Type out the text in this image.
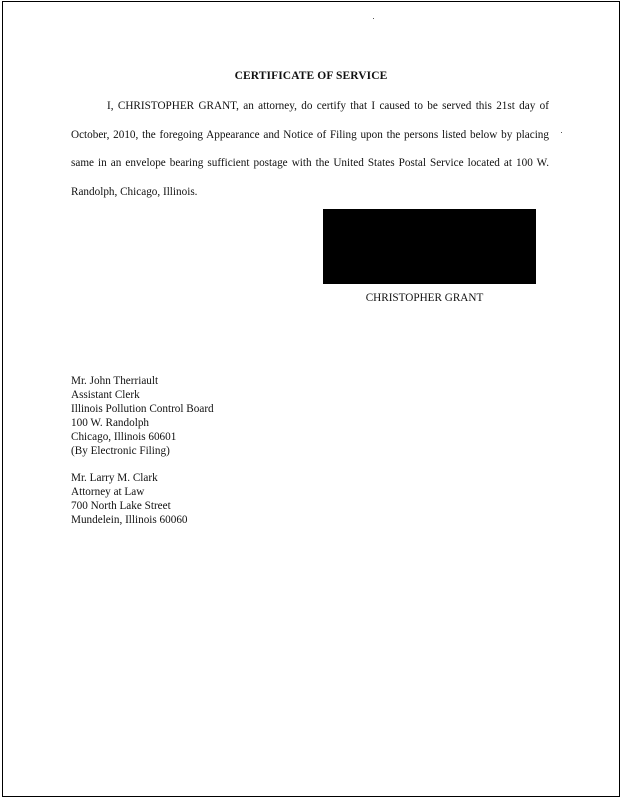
CERTIFICATE OF SERVICE
I, CHRISTOPHER GRANT, an attorney, do certify that I caused to be served this 21st day of October, 2010, the foregoing Appearance and Notice of Filing upon the persons listed below by placing same in an envelope bearing sufficient postage with the United States Postal Service located at 100 W. Randolph, Chicago, Illinois.
CHRISTOPHER GRANT
Mr. John Therriault
Assistant Clerk
Illinois Pollution Control Board
100 W. Randolph
Chicago, Illinois 60601
(By Electronic Filing)
Mr. Larry M. Clark
Attorney at Law
700 North Lake Street
Mundelein, Illinois 60060
